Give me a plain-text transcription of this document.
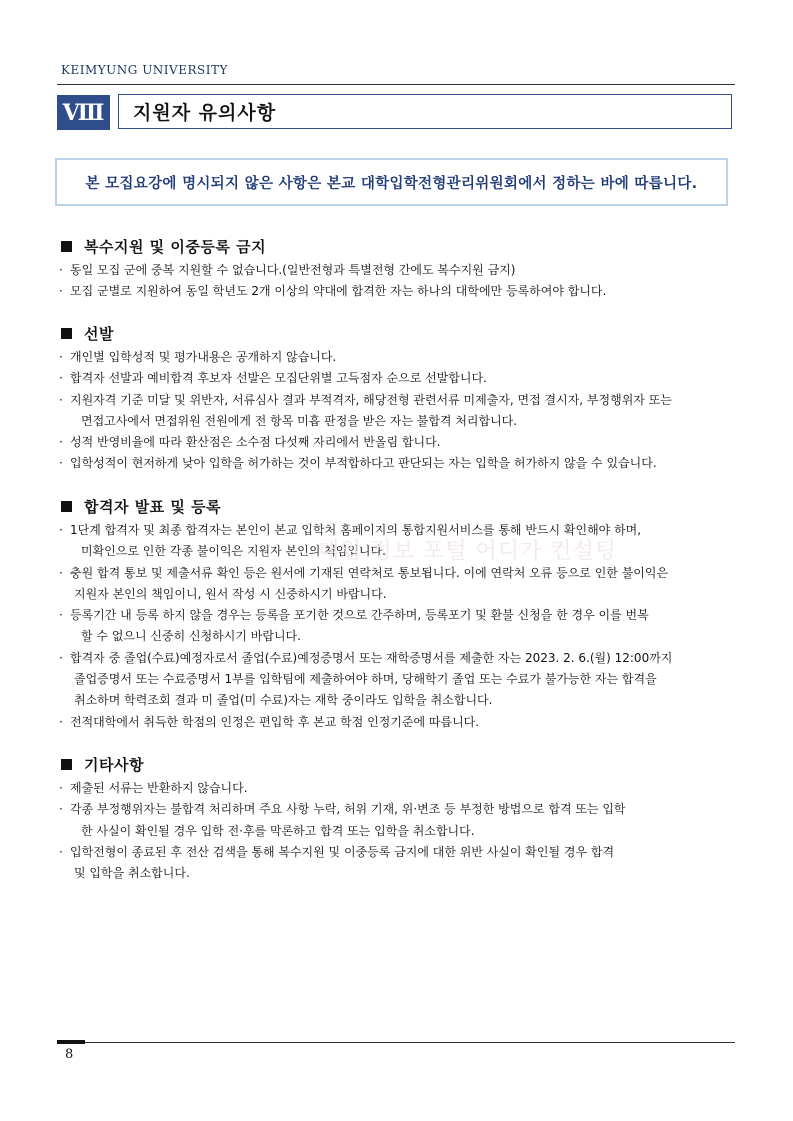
KEIMYUNG UNIVERSITY
Ⅷ 지원자 유의사항
본 모집요강에 명시되지 않은 사항은 본교 대학입학전형관리위원회에서 정하는 바에 따릅니다.
복수지원 및 이중등록 금지
· 동일 모집 군에 중복 지원할 수 없습니다.(일반전형과 특별전형 간에도 복수지원 금지)
· 모집 군별로 지원하여 동일 학년도 2개 이상의 약대에 합격한 자는 하나의 대학에만 등록하여야 합니다.
선발
· 개인별 입학성적 및 평가내용은 공개하지 않습니다.
· 합격자 선발과 예비합격 후보자 선발은 모집단위별 고득점자 순으로 선발합니다.
· 지원자격 기준 미달 및 위반자, 서류심사 결과 부적격자, 해당전형 관련서류 미제출자, 면접 결시자, 부정행위자 또는
면접고사에서 면접위원 전원에게 전 항목 미흡 판정을 받은 자는 불합격 처리합니다.
· 성적 반영비율에 따라 환산점은 소수점 다섯째 자리에서 반올림 합니다.
· 입학성적이 현저하게 낮아 입학을 허가하는 것이 부적합하다고 판단되는 자는 입학을 허가하지 않을 수 있습니다.
합격자 발표 및 등록
· 1단계 합격자 및 최종 합격자는 본인이 본교 입학처 홈페이지의 통합지원서비스를 통해 반드시 확인해야 하며,
미확인으로 인한 각종 불이익은 지원자 본인의 책임입니다.
· 충원 합격 통보 및 제출서류 확인 등은 원서에 기재된 연락처로 통보됩니다. 이에 연락처 오류 등으로 인한 불이익은
지원자 본인의 책임이니, 원서 작성 시 신중하시기 바랍니다.
· 등록기간 내 등록 하지 않을 경우는 등록을 포기한 것으로 간주하며, 등록포기 및 환불 신청을 한 경우 이를 번복
할 수 없으니 신중히 신청하시기 바랍니다.
· 합격자 중 졸업(수료)예정자로서 졸업(수료)예정증명서 또는 재학증명서를 제출한 자는 2023. 2. 6.(월) 12:00까지
졸업증명서 또는 수료증명서 1부를 입학팀에 제출하여야 하며, 당해학기 졸업 또는 수료가 불가능한 자는 합격을
취소하며 학력조회 결과 미 졸업(미 수료)자는 재학 중이라도 입학을 취소합니다.
· 전적대학에서 취득한 학점의 인정은 편입학 후 본교 학점 인정기준에 따릅니다.
기타사항
· 제출된 서류는 반환하지 않습니다.
· 각종 부정행위자는 불합격 처리하며 주요 사항 누락, 허위 기재, 위·변조 등 부정한 방법으로 합격 또는 입학
한 사실이 확인될 경우 입학 전·후를 막론하고 합격 또는 입학을 취소합니다.
· 입학전형이 종료된 후 전산 검색을 통해 복수지원 및 이중등록 금지에 대한 위반 사실이 확인될 경우 합격
및 입학을 취소합니다.
대입 정보 포털 어디가 컨설팅
8
